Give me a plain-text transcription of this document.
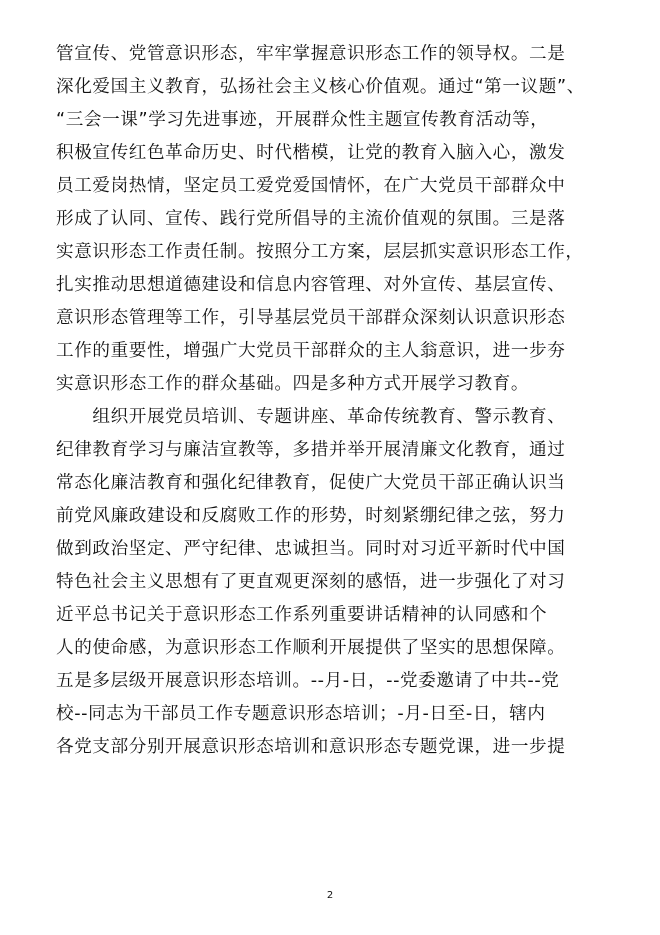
管宣传、党管意识形态，牢牢掌握意识形态工作的领导权。二是
深化爱国主义教育，弘扬社会主义核心价值观。通过“第一议题”、
“三会一课”学习先进事迹，开展群众性主题宣传教育活动等，
积极宣传红色革命历史、时代楷模，让党的教育入脑入心，激发
员工爱岗热情，坚定员工爱党爱国情怀，在广大党员干部群众中
形成了认同、宣传、践行党所倡导的主流价值观的氛围。三是落
实意识形态工作责任制。按照分工方案，层层抓实意识形态工作，
扎实推动思想道德建设和信息内容管理、对外宣传、基层宣传、
意识形态管理等工作，引导基层党员干部群众深刻认识意识形态
工作的重要性，增强广大党员干部群众的主人翁意识，进一步夯
实意识形态工作的群众基础。四是多种方式开展学习教育。
　　组织开展党员培训、专题讲座、革命传统教育、警示教育、
纪律教育学习与廉洁宣教等，多措并举开展清廉文化教育，通过
常态化廉洁教育和强化纪律教育，促使广大党员干部正确认识当
前党风廉政建设和反腐败工作的形势，时刻紧绷纪律之弦，努力
做到政治坚定、严守纪律、忠诚担当。同时对习近平新时代中国
特色社会主义思想有了更直观更深刻的感悟，进一步强化了对习
近平总书记关于意识形态工作系列重要讲话精神的认同感和个
人的使命感，为意识形态工作顺利开展提供了坚实的思想保障。
五是多层级开展意识形态培训。--月-日，--党委邀请了中共--党
校--同志为干部员工作专题意识形态培训；-月-日至-日，辖内
各党支部分别开展意识形态培训和意识形态专题党课，进一步提
2
